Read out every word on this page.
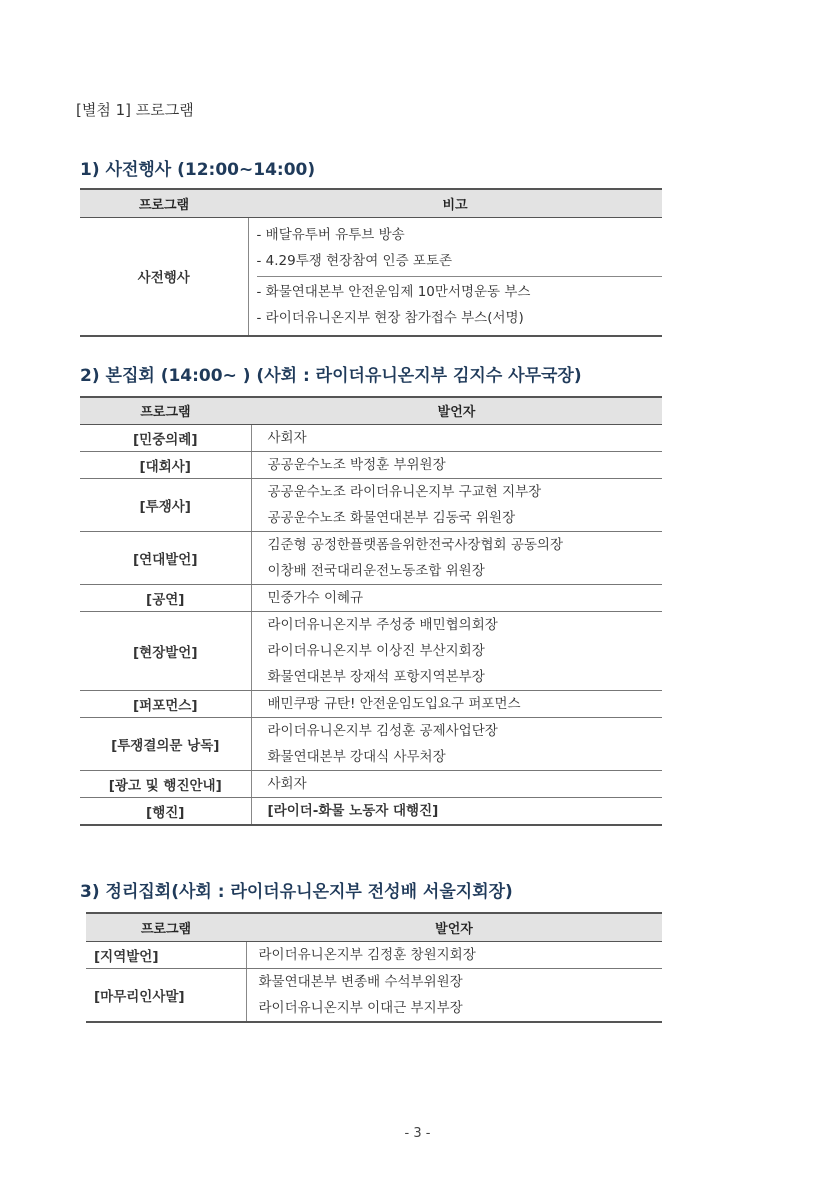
[별첨 1] 프로그램
1) 사전행사 (12:00~14:00)
프로그램	비고
사전행사	- 배달유투버 유투브 방송
- 4.29투쟁 현장참여 인증 포토존
- 화물연대본부 안전운임제 10만서명운동 부스
- 라이더유니온지부 현장 참가접수 부스(서명)
2) 본집회 (14:00~ ) (사회 : 라이더유니온지부 김지수 사무국장)
프로그램	발언자
[민중의례]	사회자

[대회사]	공공운수노조 박정훈 부위원장

[투쟁사]	공공운수노조 라이더유니온지부 구교현 지부장
공공운수노조 화물연대본부 김동국 위원장

[연대발언]	김준형 공정한플랫폼을위한전국사장협회 공동의장
이창배 전국대리운전노동조합 위원장

[공연]	민중가수 이혜규

[현장발언]	라이더유니온지부 주성중 배민협의회장
라이더유니온지부 이상진 부산지회장
화물연대본부 장재석 포항지역본부장

[퍼포먼스]	배민쿠팡 규탄! 안전운임도입요구 퍼포먼스

[투쟁결의문 낭독]	라이더유니온지부 김성훈 공제사업단장
화물연대본부 강대식 사무처장

[광고 및 행진안내]	사회자

[행진]	[라이더-화물 노동자 대행진]
3) 정리집회(사회 : 라이더유니온지부 전성배 서울지회장)
프로그램	발언자
[지역발언]	라이더유니온지부 김정훈 창원지회장

[마무리인사말]	화물연대본부 변종배 수석부위원장
라이더유니온지부 이대근 부지부장
- 3 -
